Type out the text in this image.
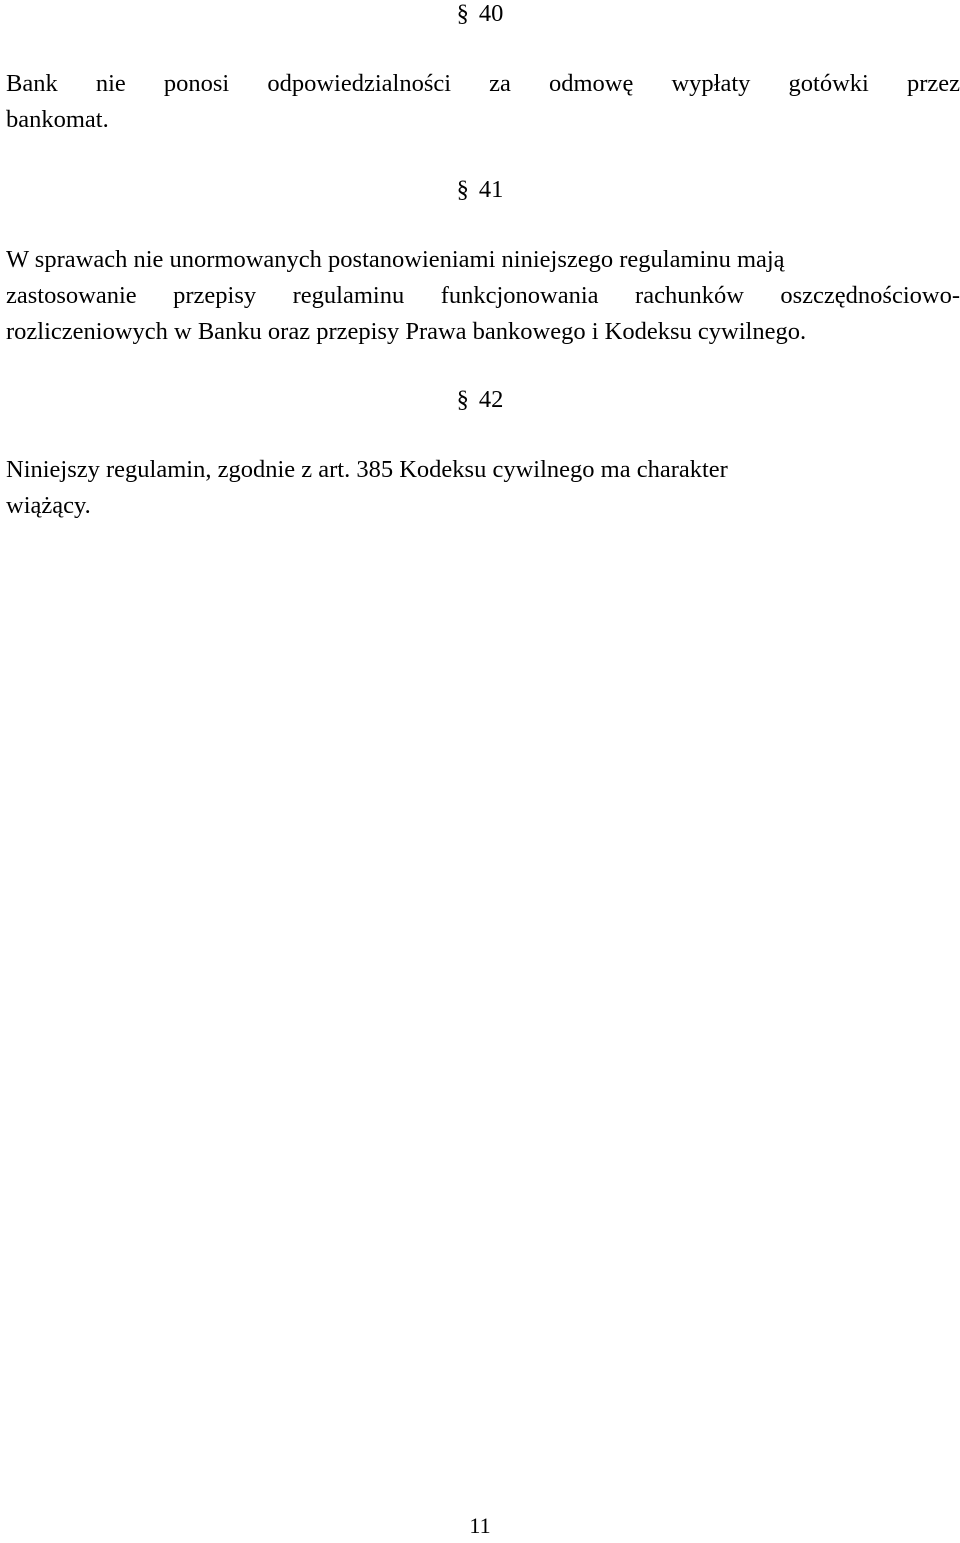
§ 40
Bank nie ponosi odpowiedzialności za odmowę wypłaty gotówki przez
bankomat.
§ 41
W sprawach nie unormowanych postanowieniami niniejszego regulaminu mają
zastosowanie przepisy regulaminu funkcjonowania rachunków oszczędnościowo-
rozliczeniowych w Banku oraz przepisy Prawa bankowego i Kodeksu cywilnego.
§ 42
Niniejszy regulamin, zgodnie z art. 385 Kodeksu cywilnego ma charakter
wiążący.
11
